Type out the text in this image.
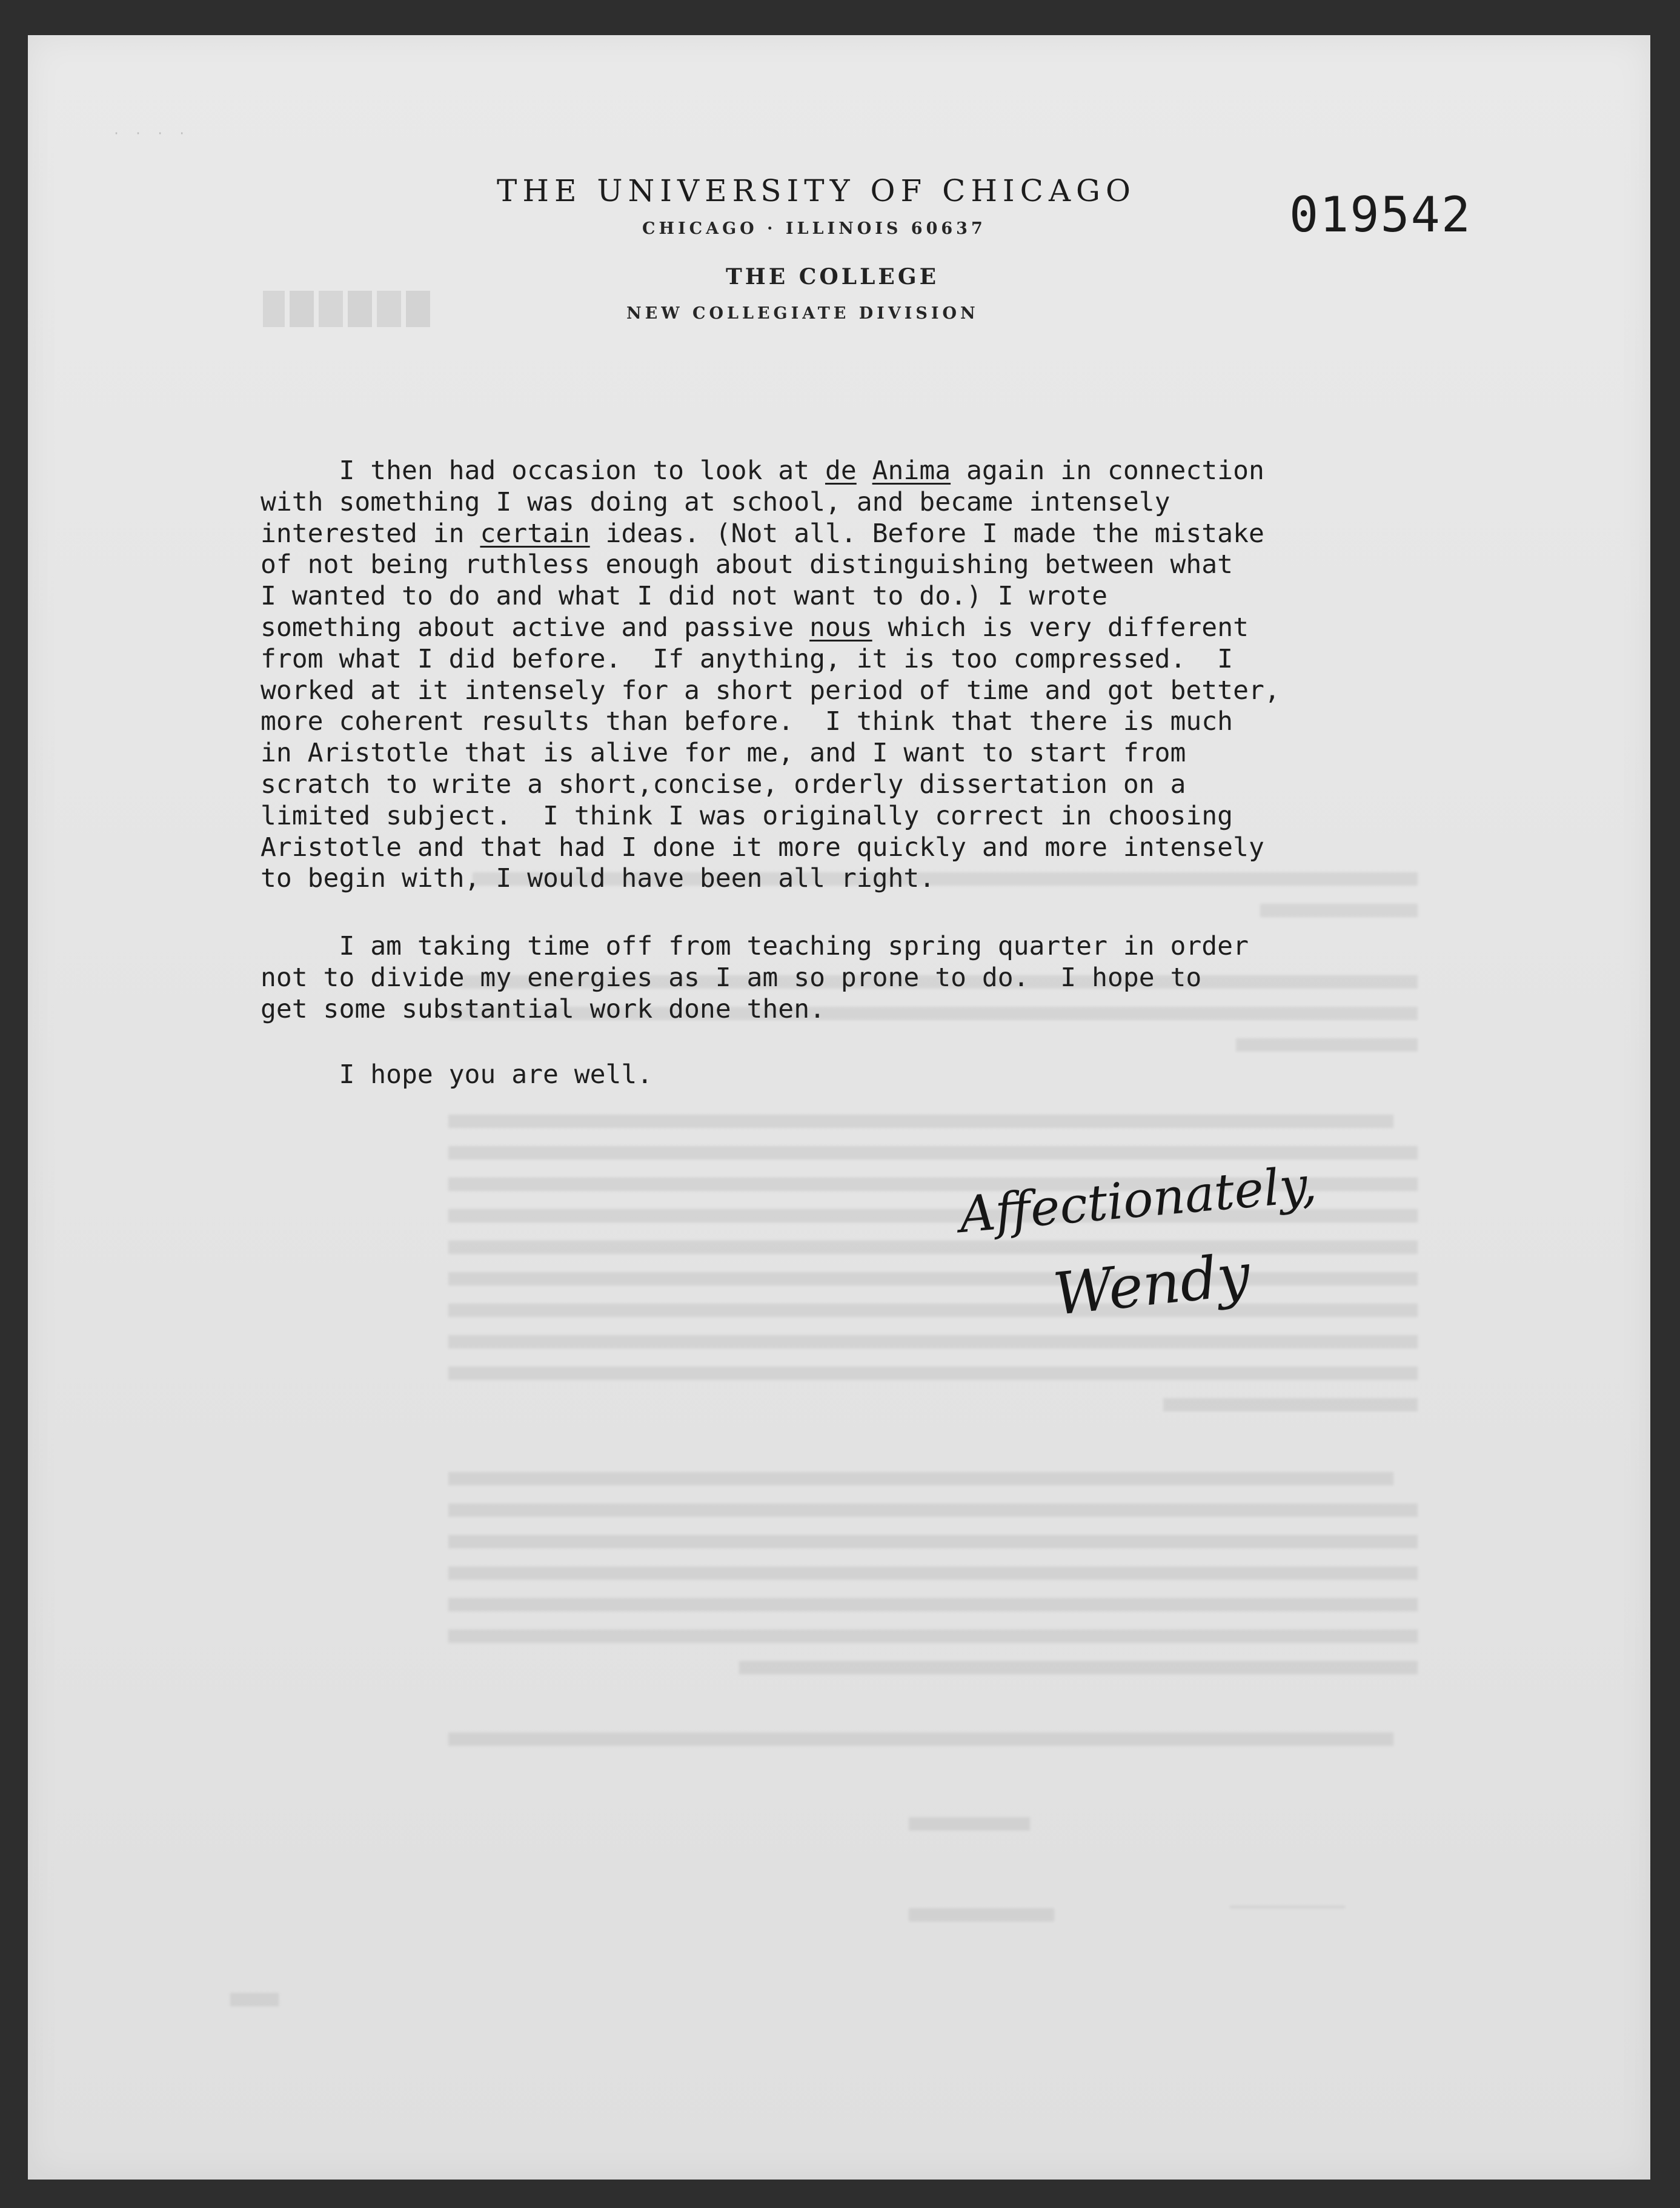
····
THE UNIVERSITY OF CHICAGO
CHICAGO · ILLINOIS 60637
THE COLLEGE
NEW COLLEGIATE DIVISION
019542
I then had occasion to look at de Anima again in connection
with something I was doing at school, and became intensely
interested in certain ideas. (Not all. Before I made the mistake
of not being ruthless enough about distinguishing between what
I wanted to do and what I did not want to do.) I wrote
something about active and passive nous which is very different
from what I did before.  If anything, it is too compressed.  I
worked at it intensely for a short period of time and got better,
more coherent results than before.  I think that there is much
in Aristotle that is alive for me, and I want to start from
scratch to write a short,concise, orderly dissertation on a
limited subject.  I think I was originally correct in choosing
Aristotle and that had I done it more quickly and more intensely
to begin with, I would have been all right.
I am taking time off from teaching spring quarter in order
not to divide my energies as I am so prone to do.  I hope to
get some substantial work done then.
I hope you are well.
Affectionately,
Wendy
